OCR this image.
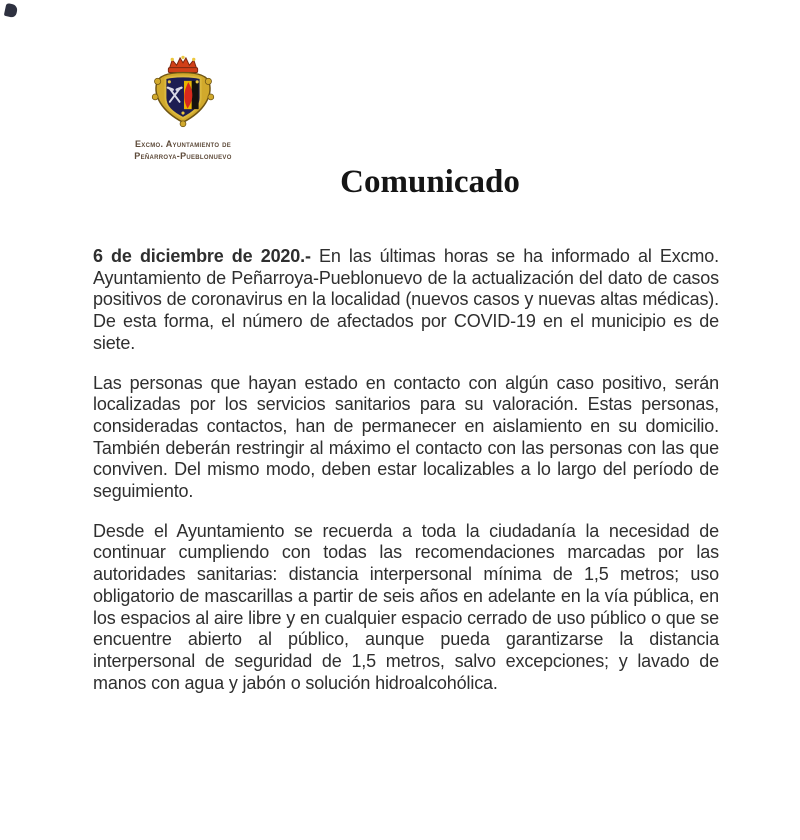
Excmo. Ayuntamiento de
Peñarroya-Pueblonuevo
Comunicado

6 de diciembre de 2020.- En las últimas horas se ha informado al Excmo. Ayuntamiento de Peñarroya-Pueblonuevo de la actualización del dato de casos positivos de coronavirus en la localidad (nuevos casos y nuevas altas médicas). De esta forma, el número de afectados por COVID-19 en el municipio es de siete.

Las personas que hayan estado en contacto con algún caso positivo, serán localizadas por los servicios sanitarios para su valoración. Estas personas, consideradas contactos, han de permanecer en aislamiento en su domicilio. También deberán restringir al máximo el contacto con las personas con las que conviven. Del mismo modo, deben estar localizables a lo largo del período de seguimiento.

Desde el Ayuntamiento se recuerda a toda la ciudadanía la necesidad de continuar cumpliendo con todas las recomendaciones marcadas por las autoridades sanitarias: distancia interpersonal mínima de 1,5 metros; uso obligatorio de mascarillas a partir de seis años en adelante en la vía pública, en los espacios al aire libre y en cualquier espacio cerrado de uso público o que se encuentre abierto al público, aunque pueda garantizarse la distancia interpersonal de seguridad de 1,5 metros, salvo excepciones; y lavado de manos con agua y jabón o solución hidroalcohólica.
